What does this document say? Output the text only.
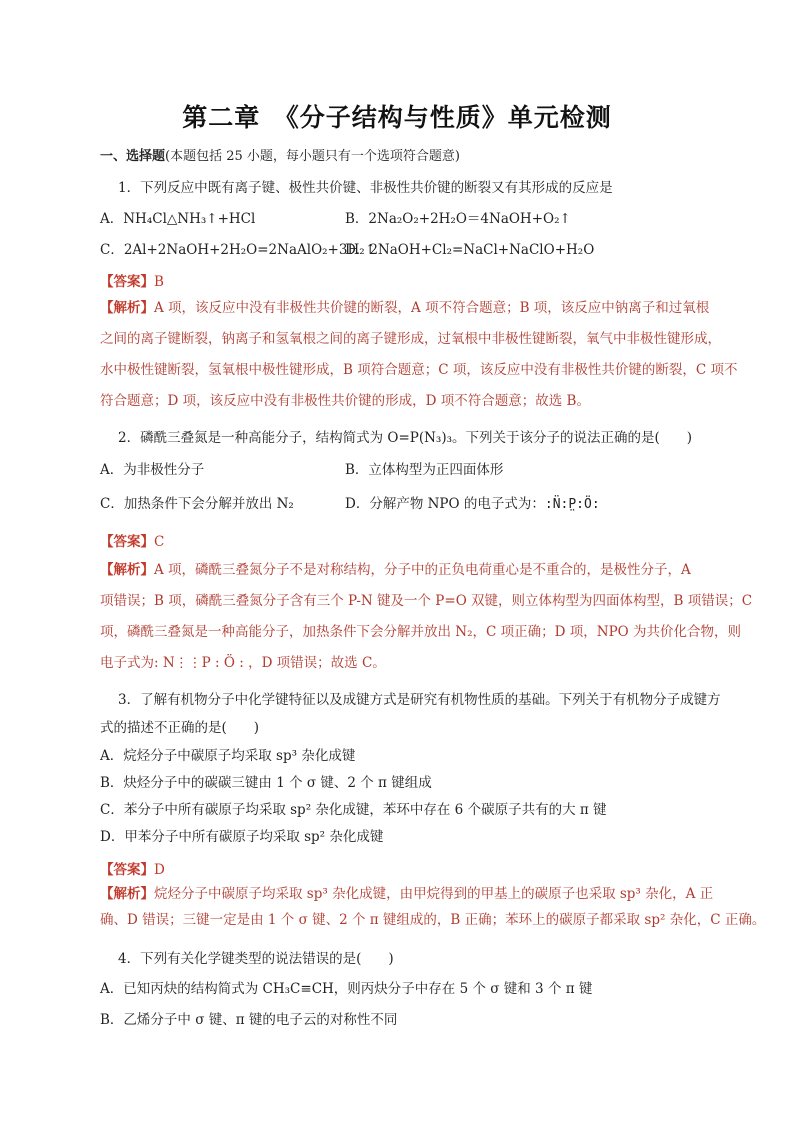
第二章　《分子结构与性质》单元检测
一、选择题(本题包括 25 小题，每小题只有一个选项符合题意)
1．下列反应中既有离子键、极性共价键、非极性共价键的断裂又有其形成的反应是
A．NH₄Cl△NH₃↑+HCl	B．2Na₂O₂+2H₂O＝4NaOH+O₂↑
C．2Al+2NaOH+2H₂O=2NaAlO₂+3H₂↑
D．2NaOH+Cl₂=NaCl+NaClO+H₂O
【答案】B
【解析】A 项，该反应中没有非极性共价键的断裂，A 项不符合题意；B 项，该反应中钠离子和过氧根
之间的离子键断裂，钠离子和氢氧根之间的离子键形成，过氧根中非极性键断裂，氧气中非极性键形成，
水中极性键断裂，氢氧根中极性键形成，B 项符合题意；C 项，该反应中没有非极性共价键的断裂，C 项不
符合题意；D 项，该反应中没有非极性共价键的形成，D 项不符合题意；故选 B。
2．磷酰三叠氮是一种高能分子，结构简式为 O=P(N₃)₃。下列关于该分子的说法正确的是(　　)
A．为非极性分子	B．立体构型为正四面体形
C．加热条件下会分解并放出 N₂	D．分解产物 NPO 的电子式为：:N̈:P̤:Ö:
【答案】C
【解析】A 项，磷酰三叠氮分子不是对称结构，分子中的正负电荷重心是不重合的，是极性分子，A
项错误；B 项，磷酰三叠氮分子含有三个 P-N 键及一个 P=O 双键，则立体构型为四面体构型，B 项错误；C
项，磷酰三叠氮是一种高能分子，加热条件下会分解并放出 N₂，C 项正确；D 项，NPO 为共价化合物，则
电子式为: N⋮⋮P : Ö : ，D 项错误；故选 C。
3．了解有机物分子中化学键特征以及成键方式是研究有机物性质的基础。下列关于有机物分子成键方
式的描述不正确的是(　　)
A．烷烃分子中碳原子均采取 sp³ 杂化成键
B．炔烃分子中的碳碳三键由 1 个 σ 键、2 个 π 键组成
C．苯分子中所有碳原子均采取 sp² 杂化成键，苯环中存在 6 个碳原子共有的大 π 键
D．甲苯分子中所有碳原子均采取 sp² 杂化成键
【答案】D
【解析】烷烃分子中碳原子均采取 sp³ 杂化成键，由甲烷得到的甲基上的碳原子也采取 sp³ 杂化，A 正
确、D 错误；三键一定是由 1 个 σ 键、2 个 π 键组成的，B 正确；苯环上的碳原子都采取 sp² 杂化，C 正确。
4．下列有关化学键类型的说法错误的是(　　)
A．已知丙炔的结构简式为 CH₃C≡CH，则丙炔分子中存在 5 个 σ 键和 3 个 π 键
B．乙烯分子中 σ 键、π 键的电子云的对称性不同
